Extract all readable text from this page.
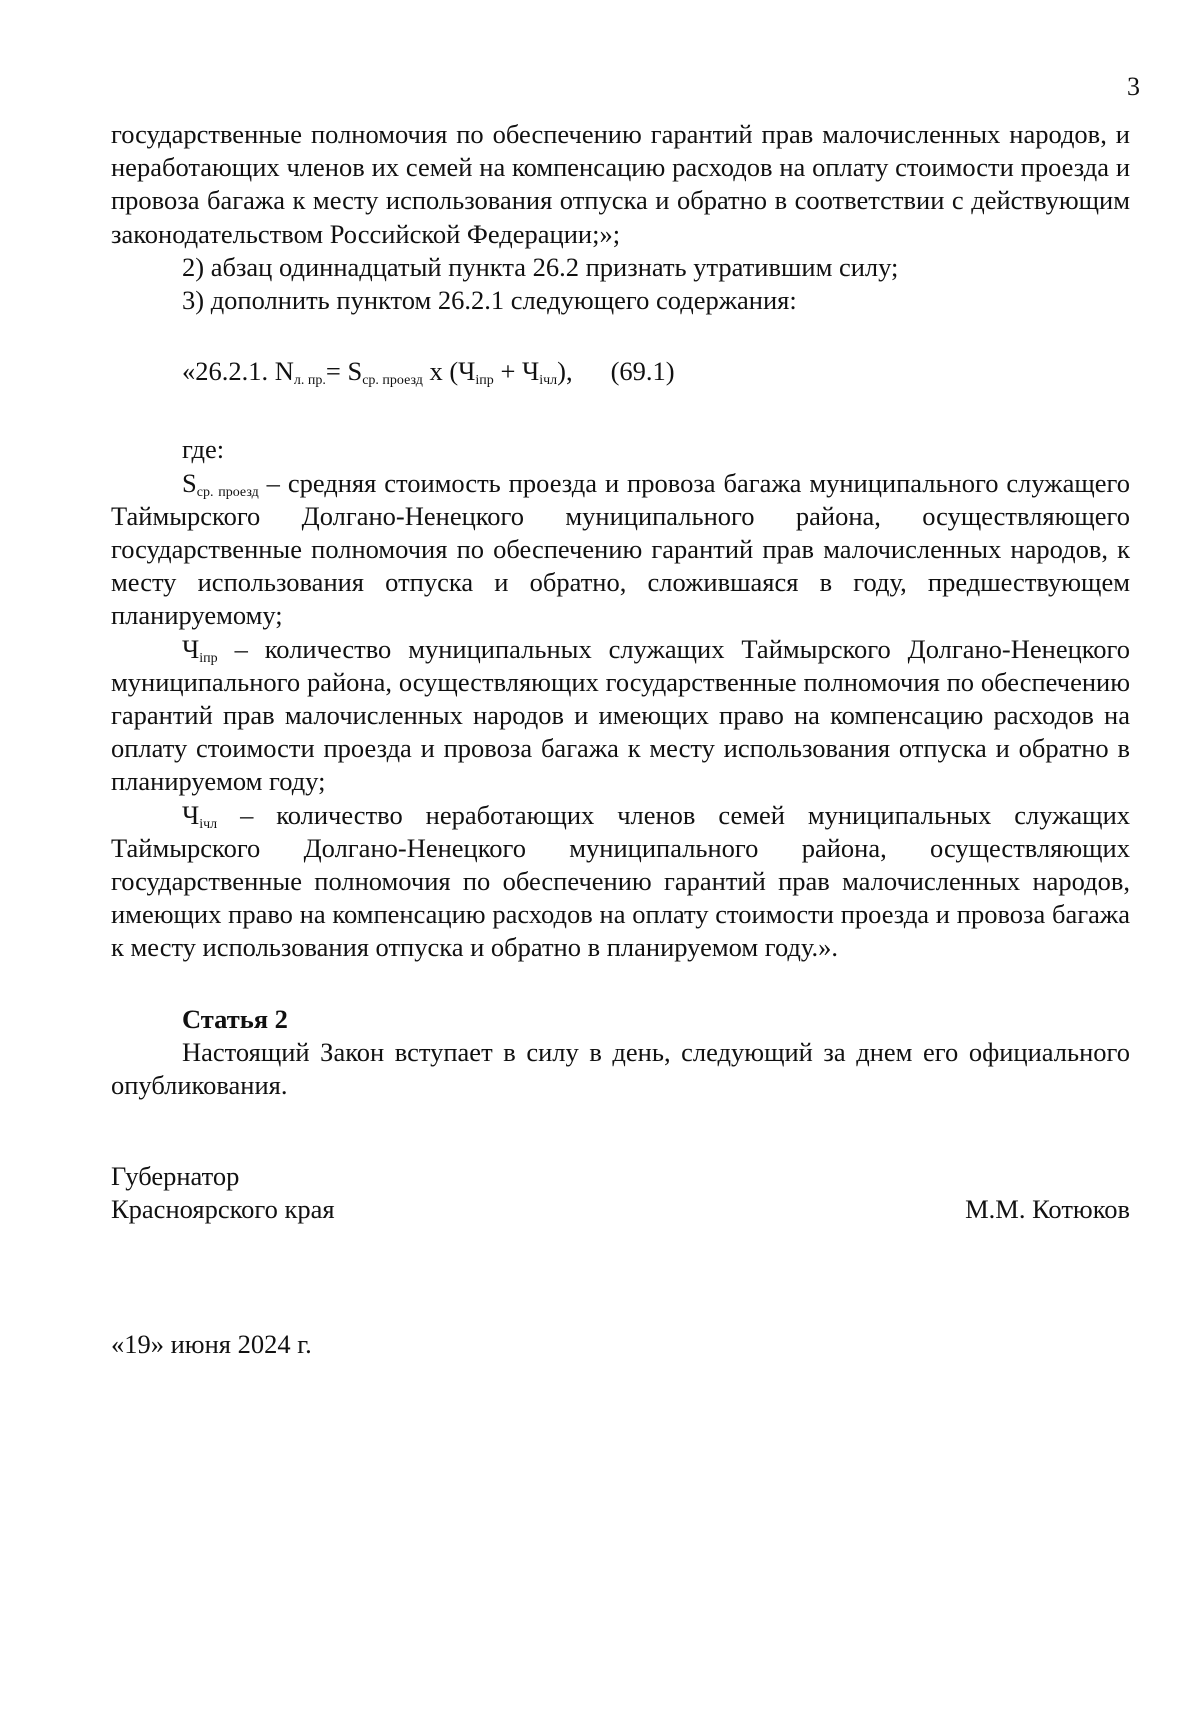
3

государственные полномочия по обеспечению гарантий прав малочисленных народов, и неработающих членов их семей на компенсацию расходов на оплату стоимости проезда и провоза багажа к месту использования отпуска и обратно в соответствии с действующим законодательством Российской Федерации;»;

2) абзац одиннадцатый пункта 26.2 признать утратившим силу;

3) дополнить пунктом 26.2.1 следующего содержания:

«26.2.1. $N_{л. пр.}= S_{ср. проезд}$ x $(Ч_{iпр} + Ч_{iчл})$, (69.1)

где:

$S_{ср. проезд}$ – средняя стоимость проезда и провоза багажа муниципального служащего Таймырского Долгано-Ненецкого муниципального района, осуществляющего государственные полномочия по обеспечению гарантий прав малочисленных народов, к месту использования отпуска и обратно, сложившаяся в году, предшествующем планируемому;

$Ч_{iпр}$ – количество муниципальных служащих Таймырского Долгано-Ненецкого муниципального района, осуществляющих государственные полномочия по обеспечению гарантий прав малочисленных народов и имеющих право на компенсацию расходов на оплату стоимости проезда и провоза багажа к месту использования отпуска и обратно в планируемом году;

$Ч_{iчл}$ – количество неработающих членов семей муниципальных служащих Таймырского Долгано-Ненецкого муниципального района, осуществляющих государственные полномочия по обеспечению гарантий прав малочисленных народов, имеющих право на компенсацию расходов на оплату стоимости проезда и провоза багажа к месту использования отпуска и обратно в планируемом году.».

Статья 2

Настоящий Закон вступает в силу в день, следующий за днем его официального опубликования.

Губернатор
Красноярского края	М.М. Котюков
«19» июня 2024 г.
